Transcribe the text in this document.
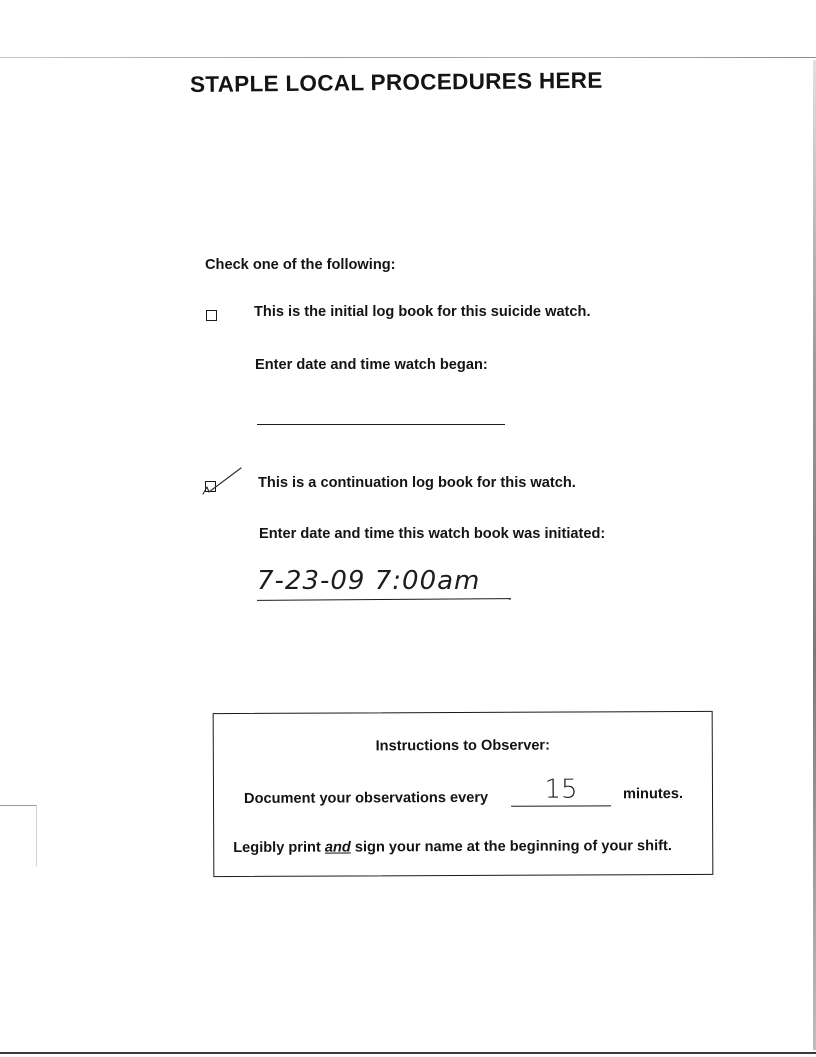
STAPLE LOCAL PROCEDURES HERE
Check one of the following:
This is the initial log book for this suicide watch.
Enter date and time watch began:
This is a continuation log book for this watch.
Enter date and time this watch book was initiated:
7-23-09 7:00am
Instructions to Observer:
Document your observations every	15	minutes.
Legibly print and sign your name at the beginning of your shift.
